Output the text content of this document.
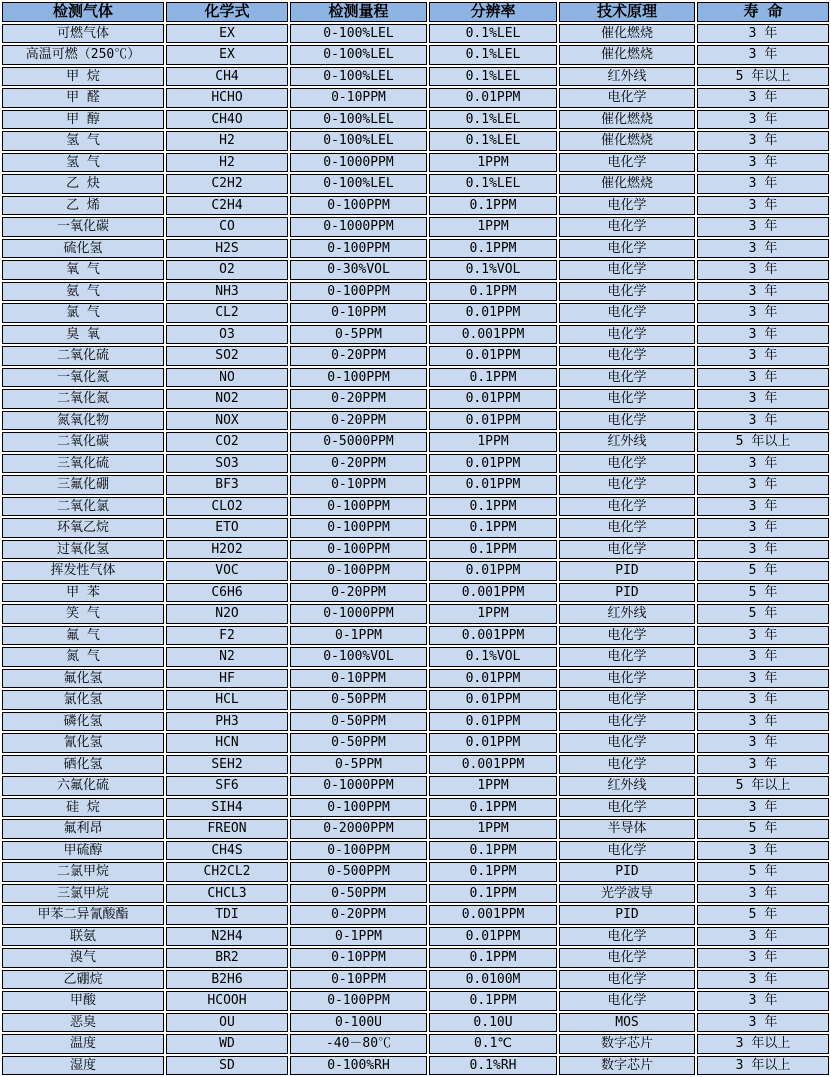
检测气体	化学式	检测量程	分辨率	技术原理	寿 命
可燃气体	EX	0-100%LEL	0.1%LEL	催化燃烧	3 年
高温可燃（250℃）	EX	0-100%LEL	0.1%LEL	催化燃烧	3 年
甲 烷	CH4	0-100%LEL	0.1%LEL	红外线	5 年以上
甲 醛	HCHO	0-10PPM	0.01PPM	电化学	3 年
甲 醇	CH4O	0-100%LEL	0.1%LEL	催化燃烧	3 年
氢 气	H2	0-100%LEL	0.1%LEL	催化燃烧	3 年
氢 气	H2	0-1000PPM	1PPM	电化学	3 年
乙 炔	C2H2	0-100%LEL	0.1%LEL	催化燃烧	3 年
乙 烯	C2H4	0-100PPM	0.1PPM	电化学	3 年
一氧化碳	CO	0-1000PPM	1PPM	电化学	3 年
硫化氢	H2S	0-100PPM	0.1PPM	电化学	3 年
氧 气	O2	0-30%VOL	0.1%VOL	电化学	3 年
氨 气	NH3	0-100PPM	0.1PPM	电化学	3 年
氯 气	CL2	0-10PPM	0.01PPM	电化学	3 年
臭 氧	O3	0-5PPM	0.001PPM	电化学	3 年
二氧化硫	SO2	0-20PPM	0.01PPM	电化学	3 年
一氧化氮	NO	0-100PPM	0.1PPM	电化学	3 年
二氧化氮	NO2	0-20PPM	0.01PPM	电化学	3 年
氮氧化物	NOX	0-20PPM	0.01PPM	电化学	3 年
二氧化碳	CO2	0-5000PPM	1PPM	红外线	5 年以上
三氧化硫	SO3	0-20PPM	0.01PPM	电化学	3 年
三氟化硼	BF3	0-10PPM	0.01PPM	电化学	3 年
二氧化氯	CLO2	0-100PPM	0.1PPM	电化学	3 年
环氧乙烷	ETO	0-100PPM	0.1PPM	电化学	3 年
过氧化氢	H2O2	0-100PPM	0.1PPM	电化学	3 年
挥发性气体	VOC	0-100PPM	0.01PPM	PID	5 年
甲 苯	C6H6	0-20PPM	0.001PPM	PID	5 年
笑 气	N2O	0-1000PPM	1PPM	红外线	5 年
氟 气	F2	0-1PPM	0.001PPM	电化学	3 年
氮 气	N2	0-100%VOL	0.1%VOL	电化学	3 年
氟化氢	HF	0-10PPM	0.01PPM	电化学	3 年
氯化氢	HCL	0-50PPM	0.01PPM	电化学	3 年
磷化氢	PH3	0-50PPM	0.01PPM	电化学	3 年
氰化氢	HCN	0-50PPM	0.01PPM	电化学	3 年
硒化氢	SEH2	0-5PPM	0.001PPM	电化学	3 年
六氟化硫	SF6	0-1000PPM	1PPM	红外线	5 年以上
硅 烷	SIH4	0-100PPM	0.1PPM	电化学	3 年
氟利昂	FREON	0-2000PPM	1PPM	半导体	5 年
甲硫醇	CH4S	0-100PPM	0.1PPM	电化学	3 年
二氯甲烷	CH2CL2	0-500PPM	0.1PPM	PID	5 年
三氯甲烷	CHCL3	0-50PPM	0.1PPM	光学波导	3 年
甲苯二异氰酸酯	TDI	0-20PPM	0.001PPM	PID	5 年
联氨	N2H4	0-1PPM	0.01PPM	电化学	3 年
溴气	BR2	0-10PPM	0.1PPM	电化学	3 年
乙硼烷	B2H6	0-10PPM	0.0100M	电化学	3 年
甲酸	HCOOH	0-100PPM	0.1PPM	电化学	3 年
恶臭	OU	0-100U	0.10U	MOS	3 年
温度	WD	-40－80℃	0.1℃	数字芯片	3 年以上
湿度	SD	0-100%RH	0.1%RH	数字芯片	3 年以上
